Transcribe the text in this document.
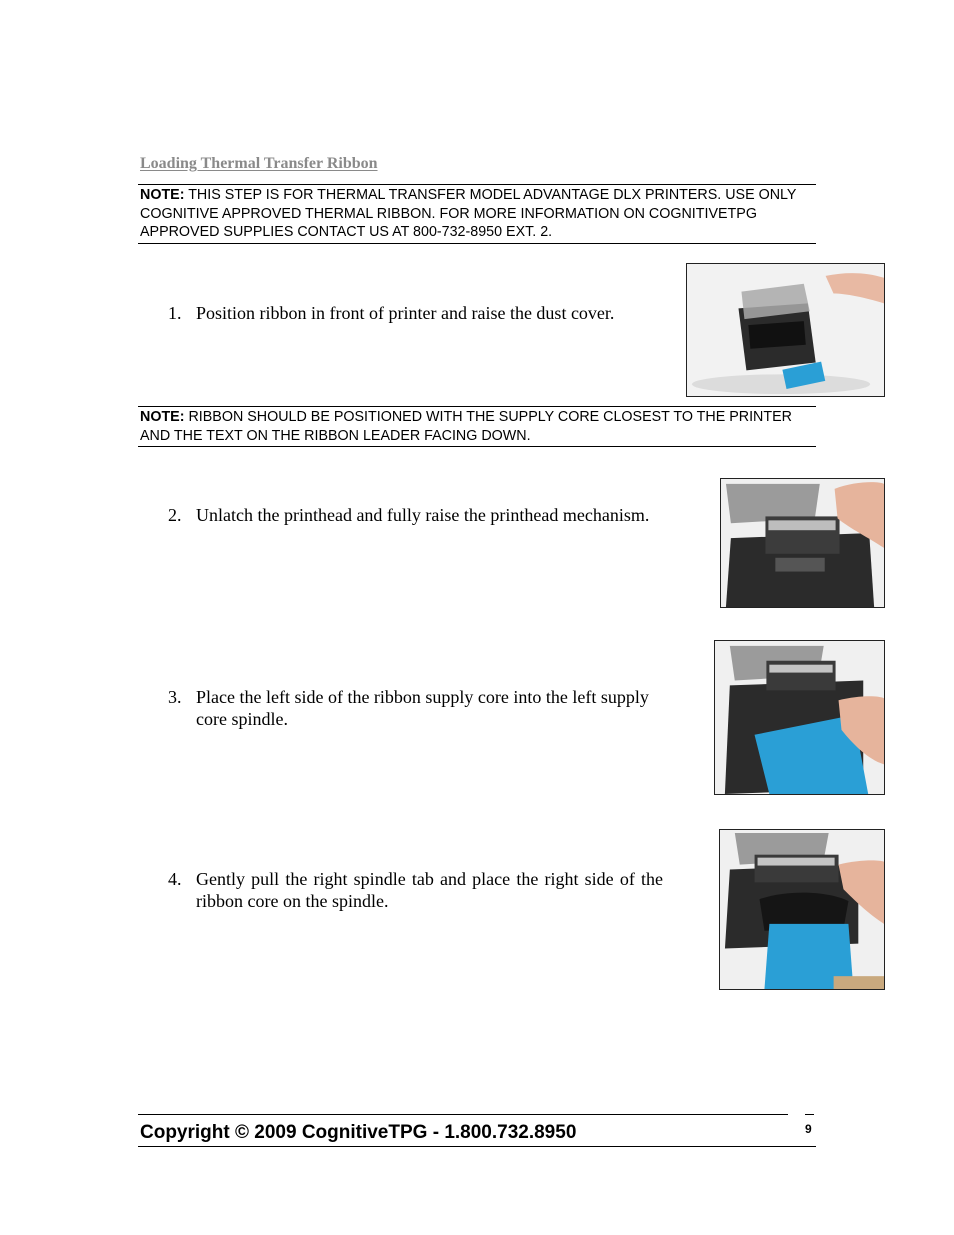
Loading Thermal Transfer Ribbon
NOTE: THIS STEP IS FOR THERMAL TRANSFER MODEL ADVANTAGE DLX PRINTERS. USE ONLY COGNITIVE APPROVED THERMAL RIBBON. FOR MORE INFORMATION ON COGNITIVETPG APPROVED SUPPLIES CONTACT US AT 800-732-8950 EXT. 2.
1. Position ribbon in front of printer and raise the dust cover.
NOTE: RIBBON SHOULD BE POSITIONED WITH THE SUPPLY CORE CLOSEST TO THE PRINTER AND THE TEXT ON THE RIBBON LEADER FACING DOWN.
2. Unlatch the printhead and fully raise the printhead mechanism.
3. Place the left side of the ribbon supply core into the left supply core spindle.
4. Gently pull the right spindle tab and place the right side of the ribbon core on the spindle.
Copyright © 2009 CognitiveTPG - 1.800.732.8950	9
